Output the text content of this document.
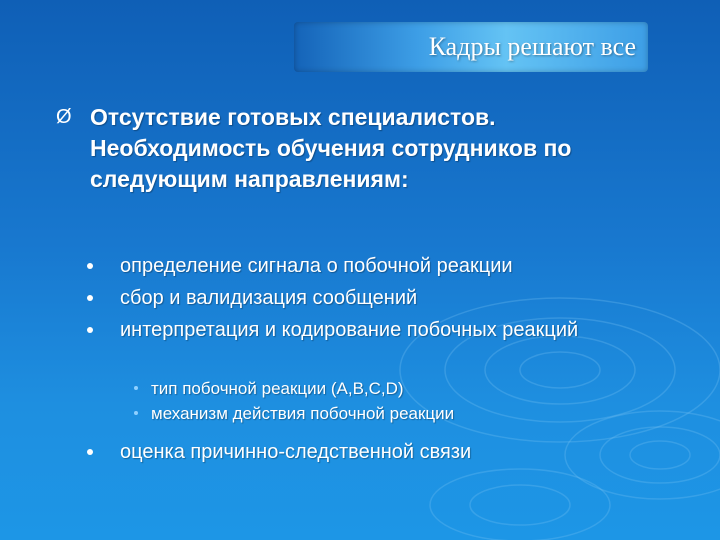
Кадры решают все
Ø Отсутствие готовых специалистов. Необходимость обучения сотрудников по следующим направлениям:
определение сигнала о побочной реакции
сбор и валидизация сообщений
интерпретация и кодирование побочных реакций
тип побочной реакции (A,B,C,D)
механизм действия побочной реакции
оценка причинно-следственной связи
